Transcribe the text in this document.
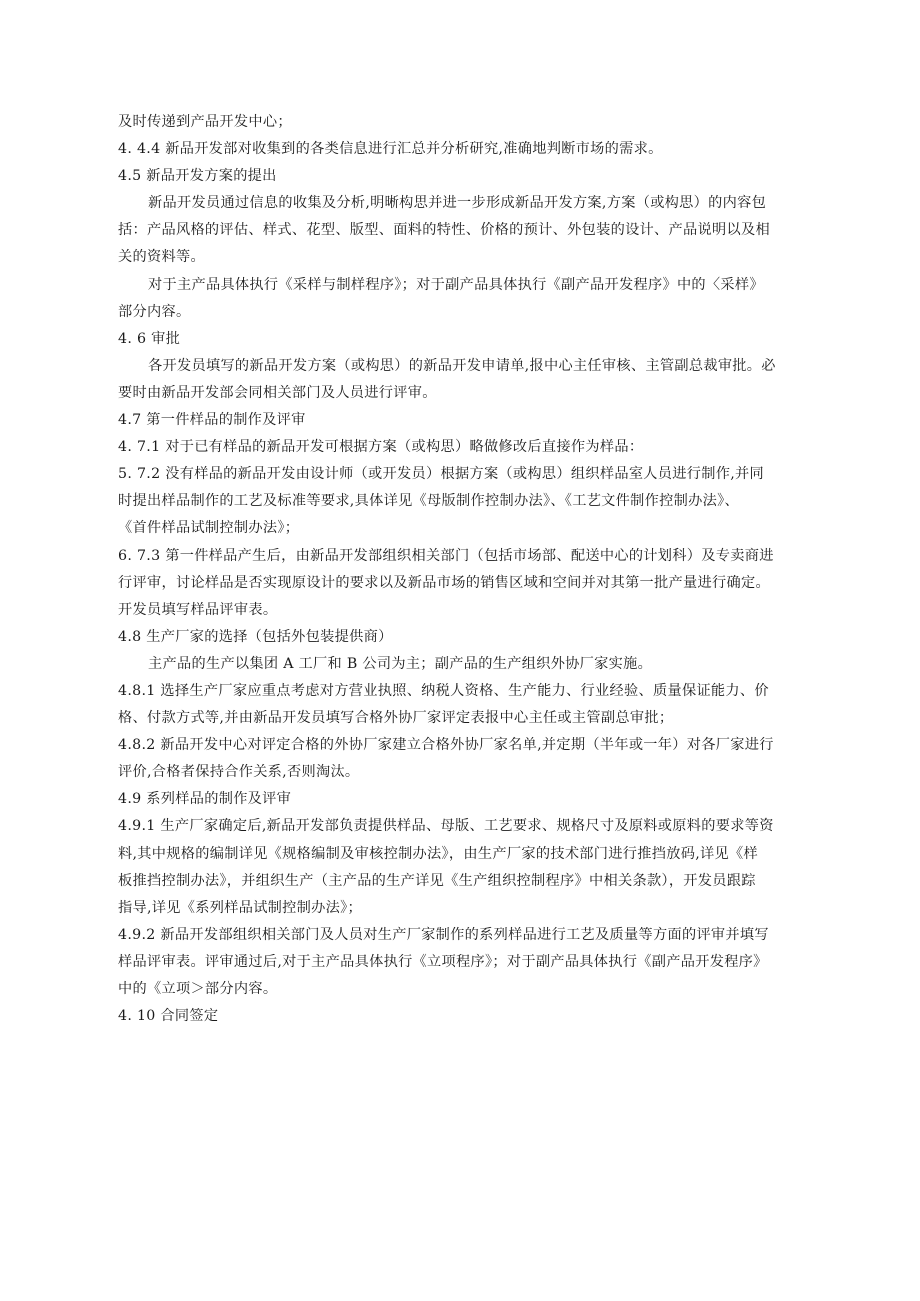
及时传递到产品开发中心；
4. 4.4 新品开发部对收集到的各类信息进行汇总并分析研究,准确地判断市场的需求。
4.5 新品开发方案的提出
新品开发员通过信息的收集及分析,明晰构思并进一步形成新品开发方案,方案（或构思）的内容包
括：产品风格的评估、样式、花型、版型、面料的特性、价格的预计、外包装的设计、产品说明以及相
关的资料等。
对于主产品具体执行《采样与制样程序》；对于副产品具体执行《副产品开发程序》中的〈采样》
部分内容。
4. 6 审批
各开发员填写的新品开发方案（或构思）的新品开发申请单,报中心主任审核、主管副总裁审批。必
要时由新品开发部会同相关部门及人员进行评审。
4.7 第一件样品的制作及评审
4. 7.1 对于已有样品的新品开发可根据方案（或构思）略做修改后直接作为样品：
5. 7.2 没有样品的新品开发由设计师（或开发员）根据方案（或构思）组织样品室人员进行制作,并同
时提出样品制作的工艺及标准等要求,具体详见《母版制作控制办法》、《工艺文件制作控制办法》、
《首件样品试制控制办法》；
6. 7.3 第一件样品产生后，由新品开发部组织相关部门（包括市场部、配送中心的计划科）及专卖商进
行评审，讨论样品是否实现原设计的要求以及新品市场的销售区域和空间并对其第一批产量进行确定。
开发员填写样品评审表。
4.8 生产厂家的选择（包括外包装提供商）
主产品的生产以集团 A 工厂和 B 公司为主；副产品的生产组织外协厂家实施。
4.8.1 选择生产厂家应重点考虑对方营业执照、纳税人资格、生产能力、行业经验、质量保证能力、价
格、付款方式等,并由新品开发员填写合格外协厂家评定表报中心主任或主管副总审批；
4.8.2 新品开发中心对评定合格的外协厂家建立合格外协厂家名单,并定期（半年或一年）对各厂家进行
评价,合格者保持合作关系,否则淘汰。
4.9 系列样品的制作及评审
4.9.1 生产厂家确定后,新品开发部负责提供样品、母版、工艺要求、规格尺寸及原料或原料的要求等资
料,其中规格的编制详见《规格编制及审核控制办法》，由生产厂家的技术部门进行推挡放码,详见《样
板推挡控制办法》，并组织生产（主产品的生产详见《生产组织控制程序》中相关条款），开发员跟踪
指导,详见《系列样品试制控制办法》；
4.9.2 新品开发部组织相关部门及人员对生产厂家制作的系列样品进行工艺及质量等方面的评审并填写
样品评审表。评审通过后,对于主产品具体执行《立项程序》；对于副产品具体执行《副产品开发程序》
中的《立项＞部分内容。
4. 10 合同签定
